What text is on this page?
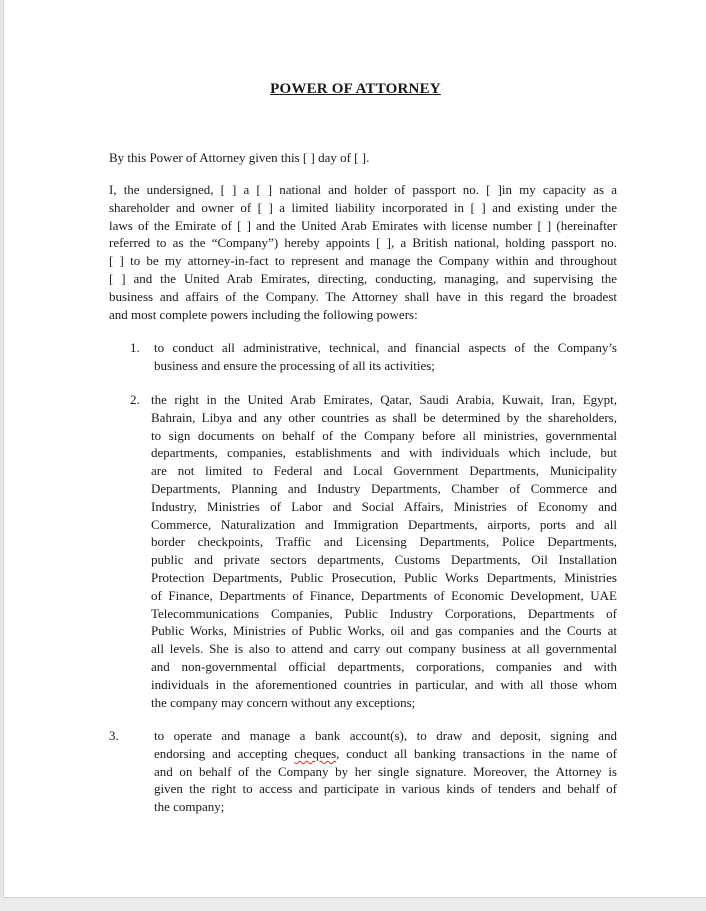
POWER OF ATTORNEY
By this Power of Attorney given this [ ] day of [ ].
I, the undersigned, [ ] a [ ] national and holder of passport no. [ ]in my capacity as a
shareholder and owner of [ ] a limited liability incorporated in [ ] and existing under the
laws of the Emirate of [ ] and the United Arab Emirates with license number [ ] (hereinafter
referred to as the “Company”) hereby appoints [ ], a British national, holding passport no.
[ ] to be my attorney-in-fact to represent and manage the Company within and throughout
[ ] and the United Arab Emirates, directing, conducting, managing, and supervising the
business and affairs of the Company. The Attorney shall have in this regard the broadest
and most complete powers including the following powers:
1. to conduct all administrative, technical, and financial aspects of the Company’s
business and ensure the processing of all its activities;
2. the right in the United Arab Emirates, Qatar, Saudi Arabia, Kuwait, Iran, Egypt,
Bahrain, Libya and any other countries as shall be determined by the shareholders,
to sign documents on behalf of the Company before all ministries, governmental
departments, companies, establishments and with individuals which include, but
are not limited to Federal and Local Government Departments, Municipality
Departments, Planning and Industry Departments, Chamber of Commerce and
Industry, Ministries of Labor and Social Affairs, Ministries of Economy and
Commerce, Naturalization and Immigration Departments, airports, ports and all
border checkpoints, Traffic and Licensing Departments, Police Departments,
public and private sectors departments, Customs Departments, Oil Installation
Protection Departments, Public Prosecution, Public Works Departments, Ministries
of Finance, Departments of Finance, Departments of Economic Development, UAE
Telecommunications Companies, Public Industry Corporations, Departments of
Public Works, Ministries of Public Works, oil and gas companies and the Courts at
all levels. She is also to attend and carry out company business at all governmental
and non-governmental official departments, corporations, companies and with
individuals in the aforementioned countries in particular, and with all those whom
the company may concern without any exceptions;
3.	to operate and manage a bank account(s), to draw and deposit, signing and
endorsing and accepting cheques, conduct all banking transactions in the name of
and on behalf of the Company by her single signature. Moreover, the Attorney is
given the right to access and participate in various kinds of tenders and behalf of
the company;
